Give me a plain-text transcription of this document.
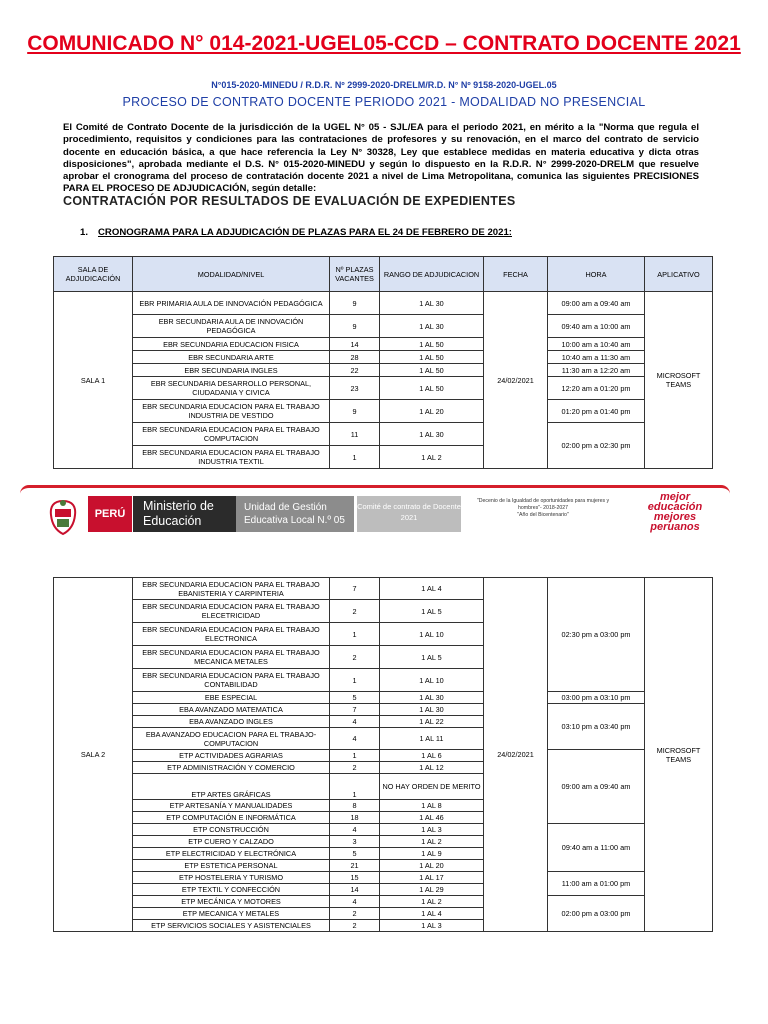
COMUNICADO N° 014-2021-UGEL05-CCD – CONTRATO DOCENTE 2021
N°015-2020-MINEDU / R.D.R. Nº 2999-2020-DRELM/R.D. N° Nº 9158-2020-UGEL.05
PROCESO DE CONTRATO DOCENTE PERIODO 2021 - MODALIDAD NO PRESENCIAL
El Comité de Contrato Docente de la jurisdicción de la UGEL N° 05 - SJL/EA para el periodo 2021, en mérito a la "Norma que regula el procedimiento, requisitos y condiciones para las contrataciones de profesores y su renovación, en el marco del contrato de servicio docente en educación básica, a que hace referencia la Ley N° 30328, Ley que establece medidas en materia educativa y dicta otras disposiciones", aprobada mediante el D.S. N° 015-2020-MINEDU y según lo dispuesto en la R.D.R. N° 2999-2020-DRELM que resuelve aprobar el cronograma del proceso de contratación docente 2021 a nivel de Lima Metropolitana, comunica las siguientes PRECISIONES PARA EL PROCESO DE ADJUDICACIÓN, según detalle:
CONTRATACIÓN POR RESULTADOS DE EVALUACIÓN DE EXPEDIENTES
1. CRONOGRAMA PARA LA ADJUDICACIÓN DE PLAZAS PARA EL 24 DE FEBRERO DE 2021:
SALA DE ADJUDICACIÓN	MODALIDAD/NIVEL	Nº PLAZAS VACANTES	RANGO DE ADJUDICACION	FECHA	HORA	APLICATIVO
SALA 1	EBR PRIMARIA AULA DE INNOVACIÓN PEDAGÓGICA	9	1 AL 30	24/02/2021	09:00 am a 09:40 am	MICROSOFT TEAMS
	EBR SECUNDARIA AULA DE INNOVACIÓN PEDAGÓGICA	9	1 AL 30		09:40 am a 10:00 am	
	EBR SECUNDARIA EDUCACION FISICA	14	1 AL 50		10:00 am a 10:40 am	
	EBR SECUNDARIA ARTE	28	1 AL 50		10:40 am a 11:30 am	
	EBR SECUNDARIA INGLES	22	1 AL 50		11:30 am a 12:20 am	
	EBR SECUNDARIA DESARROLLO PERSONAL, CIUDADANIA Y CIVICA	23	1 AL 50		12:20 am a 01:20 pm	
	EBR SECUNDARIA EDUCACION PARA EL TRABAJO INDUSTRIA DE VESTIDO	9	1 AL 20		01:20 pm a 01:40 pm	
	EBR SECUNDARIA EDUCACION PARA EL TRABAJO COMPUTACION	11	1 AL 30		02:00 pm a 02:30 pm	
	EBR SECUNDARIA EDUCACION PARA EL TRABAJO INDUSTRIA TEXTIL	1	1 AL 2			
PERÚ
Ministerio de Educación
Unidad de Gestión Educativa Local N.º 05
Comité de contrato de Docente 2021
"Decenio de la Igualdad de oportunidades para mujeres y hombres"- 2018-2027
"Año del Bicentenario"
mejor educación mejores peruanos
SALA 2	EBR SECUNDARIA EDUCACION PARA EL TRABAJO EBANISTERIA Y CARPINTERIA	7	1 AL 4	24/02/2021	02:30 pm a 03:00 pm	MICROSOFT TEAMS
	EBR SECUNDARIA EDUCACION PARA EL TRABAJO ELECETRICIDAD	2	1 AL 5			
	EBR SECUNDARIA EDUCACION PARA EL TRABAJO ELECTRONICA	1	1 AL 10			
	EBR SECUNDARIA EDUCACION PARA EL TRABAJO MECANICA METALES	2	1 AL 5			
	EBR SECUNDARIA EDUCACION PARA EL TRABAJO CONTABILIDAD	1	1 AL 10			
	EBE ESPECIAL	5	1 AL 30		03:00 pm a 03:10 pm	
	EBA AVANZADO MATEMATICA	7	1 AL 30		03:10 pm a 03:40 pm	
	EBA AVANZADO INGLES	4	1 AL 22			
	EBA AVANZADO EDUCACION PARA EL TRABAJO-COMPUTACION	4	1 AL 11			
	ETP ACTIVIDADES AGRARIAS	1	1 AL 6		09:00 am a 09:40 am	
	ETP ADMINISTRACIÓN Y COMERCIO	2	1 AL 12			
	ETP ARTES GRÁFICAS	1	NO HAY ORDEN DE MERITO			
	ETP ARTESANÍA Y MANUALIDADES	8	1 AL 8			
	ETP COMPUTACIÓN E INFORMÁTICA	18	1 AL 46			
	ETP CONSTRUCCIÓN	4	1 AL 3		09:40 am a 11:00 am	
	ETP CUERO Y CALZADO	3	1 AL 2			
	ETP ELECTRICIDAD Y ELECTRÓNICA	5	1 AL 9			
	ETP ESTETICA PERSONAL	21	1 AL 20			
	ETP HOSTELERIA Y TURISMO	15	1 AL 17		11:00 am a 01:00 pm	
	ETP TEXTIL Y CONFECCIÓN	14	1 AL 29			
	ETP MECÁNICA Y MOTORES	4	1 AL 2		02:00 pm a 03:00 pm	
	ETP MECANICA Y METALES	2	1 AL 4			
	ETP SERVICIOS SOCIALES Y ASISTENCIALES	2	1 AL 3			
